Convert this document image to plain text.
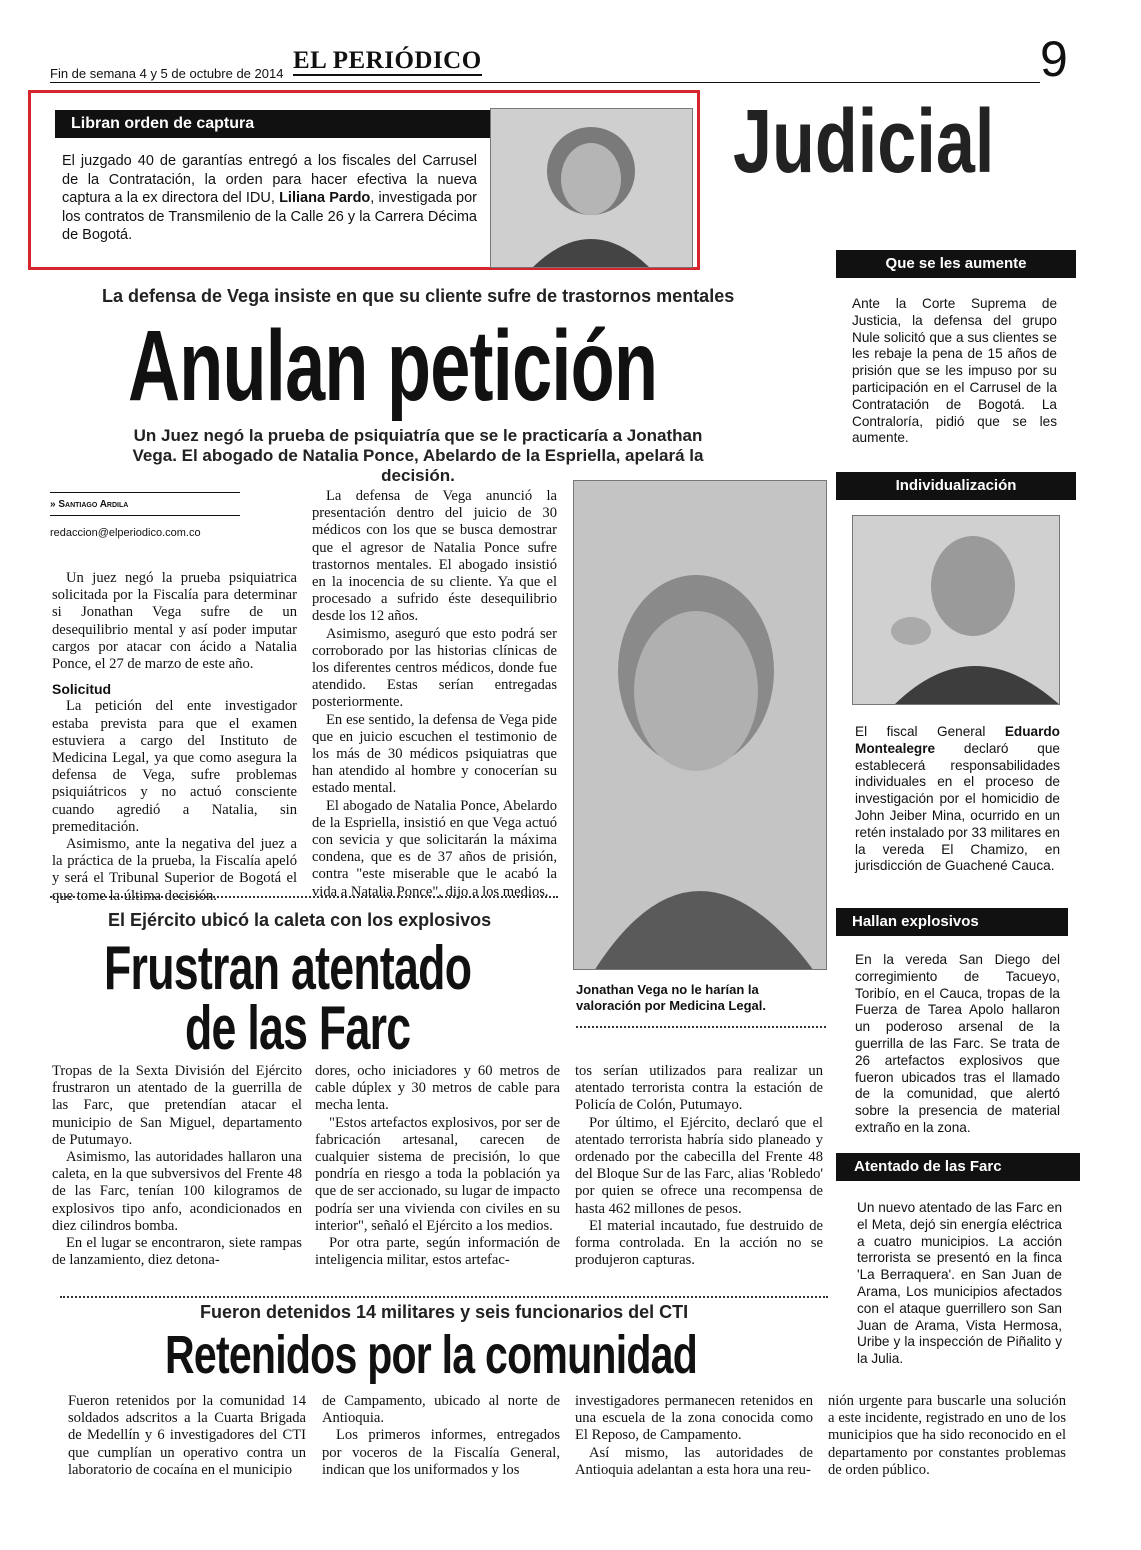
Fin de semana 4 y 5 de octubre de 2014 EL PERIÓDICO	9
Judicial
Libran orden de captura
El juzgado 40 de garantías entregó a los fiscales del Carrusel de la Contratación, la orden para hacer efectiva la nueva captura a la ex directora del IDU, Liliana Pardo, investigada por los contratos de Transmilenio de la Calle 26 y la Carrera Décima de Bogotá.
La defensa de Vega insiste en que su cliente sufre de trastornos mentales
Anulan petición
Un Juez negó la prueba de psiquiatría que se le practicaría a Jonathan Vega. El abogado de Natalia Ponce, Abelardo de la Espriella, apelará la decisión.
» Santiago Ardila
redaccion@elperiodico.com.co

Un juez negó la prueba psiquiatrica solicitada por la Fiscalía para determinar si Jonathan Vega sufre de un desequilibrio mental y así poder imputar cargos por atacar con ácido a Natalia Ponce, el 27 de marzo de este año.

Solicitud

La petición del ente investigador estaba prevista para que el examen estuviera a cargo del Instituto de Medicina Legal, ya que como asegura la defensa de Vega, sufre problemas psiquiátricos y no actuó consciente cuando agredió a Natalia, sin premeditación.

Asimismo, ante la negativa del juez a la práctica de la prueba, la Fiscalía apeló y será el Tribunal Superior de Bogotá el que tome la última decisión.

La defensa de Vega anunció la presentación dentro del juicio de 30 médicos con los que se busca demostrar que el agresor de Natalia Ponce sufre trastornos mentales. El abogado insistió en la inocencia de su cliente. Ya que el procesado a sufrido éste desequilibrio desde los 12 años.

Asimismo, aseguró que esto podrá ser corroborado por las historias clínicas de los diferentes centros médicos, donde fue atendido. Estas serían entregadas posteriormente.

En ese sentido, la defensa de Vega pide que en juicio escuchen el testimonio de los más de 30 médicos psiquiatras que han atendido al hombre y conocerían su estado mental.

El abogado de Natalia Ponce, Abelardo de la Espriella, insistió en que Vega actuó con sevicia y que solicitarán la máxima condena, que es de 37 años de prisión, contra "este miserable que le acabó la vida a Natalia Ponce", dijo a los medios.

Jonathan Vega no le harían la valoración por Medicina Legal.
El Ejército ubicó la caleta con los explosivos
Frustran atentado
de las Farc

Tropas de la Sexta División del Ejército frustraron un atentado de la guerrilla de las Farc, que pretendían atacar el municipio de San Miguel, departamento de Putumayo.

Asimismo, las autoridades hallaron una caleta, en la que subversivos del Frente 48 de las Farc, tenían 100 kilogramos de explosivos tipo anfo, acondicionados en diez cilindros bomba.

En el lugar se encontraron, siete rampas de lanzamiento, diez detona-

dores, ocho iniciadores y 60 metros de cable dúplex y 30 metros de cable para mecha lenta.

"Estos artefactos explosivos, por ser de fabricación artesanal, carecen de cualquier sistema de precisión, lo que pondría en riesgo a toda la población ya que de ser accionado, su lugar de impacto podría ser una vivienda con civiles en su interior", señaló el Ejército a los medios.

Por otra parte, según información de inteligencia militar, estos artefac-

tos serían utilizados para realizar un atentado terrorista contra la estación de Policía de Colón, Putumayo.

Por último, el Ejército, declaró que el atentado terrorista habría sido planeado y ordenado por the cabecilla del Frente 48 del Bloque Sur de las Farc, alias 'Robledo' por quien se ofrece una recompensa de hasta 462 millones de pesos.

El material incautado, fue destruido de forma controlada. En la acción no se produjeron capturas.

Fueron detenidos 14 militares y seis funcionarios del CTI
Retenidos por la comunidad

Fueron retenidos por la comunidad 14 soldados adscritos a la Cuarta Brigada de Medellín y 6 investigadores del CTI que cumplían un operativo contra un laboratorio de cocaína en el municipio

de Campamento, ubicado al norte de Antioquia.

Los primeros informes, entregados por voceros de la Fiscalía General, indican que los uniformados y los

investigadores permanecen retenidos en una escuela de la zona conocida como El Reposo, de Campamento.

Así mismo, las autoridades de Antioquia adelantan a esta hora una reu-

nión urgente para buscarle una solución a este incidente, registrado en uno de los municipios que ha sido reconocido en el departamento por constantes problemas de orden público.

Que se les aumente
Ante la Corte Suprema de Justicia, la defensa del grupo Nule solicitó que a sus clientes se les rebaje la pena de 15 años de prisión que se les impuso por su participación en el Carrusel de la Contratación de Bogotá. La Contraloría, pidió que se les aumente.
Individualización
El fiscal General Eduardo Montealegre declaró que establecerá responsabilidades individuales en el proceso de investigación por el homicidio de John Jeiber Mina, ocurrido en un retén instalado por 33 militares en la vereda El Chamizo, en jurisdicción de Guachené Cauca.
Hallan explosivos
En la vereda San Diego del corregimiento de Tacueyo, Toribío, en el Cauca, tropas de la Fuerza de Tarea Apolo hallaron un poderoso arsenal de la guerrilla de las Farc. Se trata de 26 artefactos explosivos que fueron ubicados tras el llamado de la comunidad, que alertó sobre la presencia de material extraño en la zona.
Atentado de las Farc
Un nuevo atentado de las Farc en el Meta, dejó sin energía eléctrica a cuatro municipios. La acción terrorista se presentó en la finca 'La Berraquera'. en San Juan de Arama, Los municipios afectados con el ataque guerrillero son San Juan de Arama, Vista Hermosa, Uribe y la inspección de Piñalito y la Julia.
